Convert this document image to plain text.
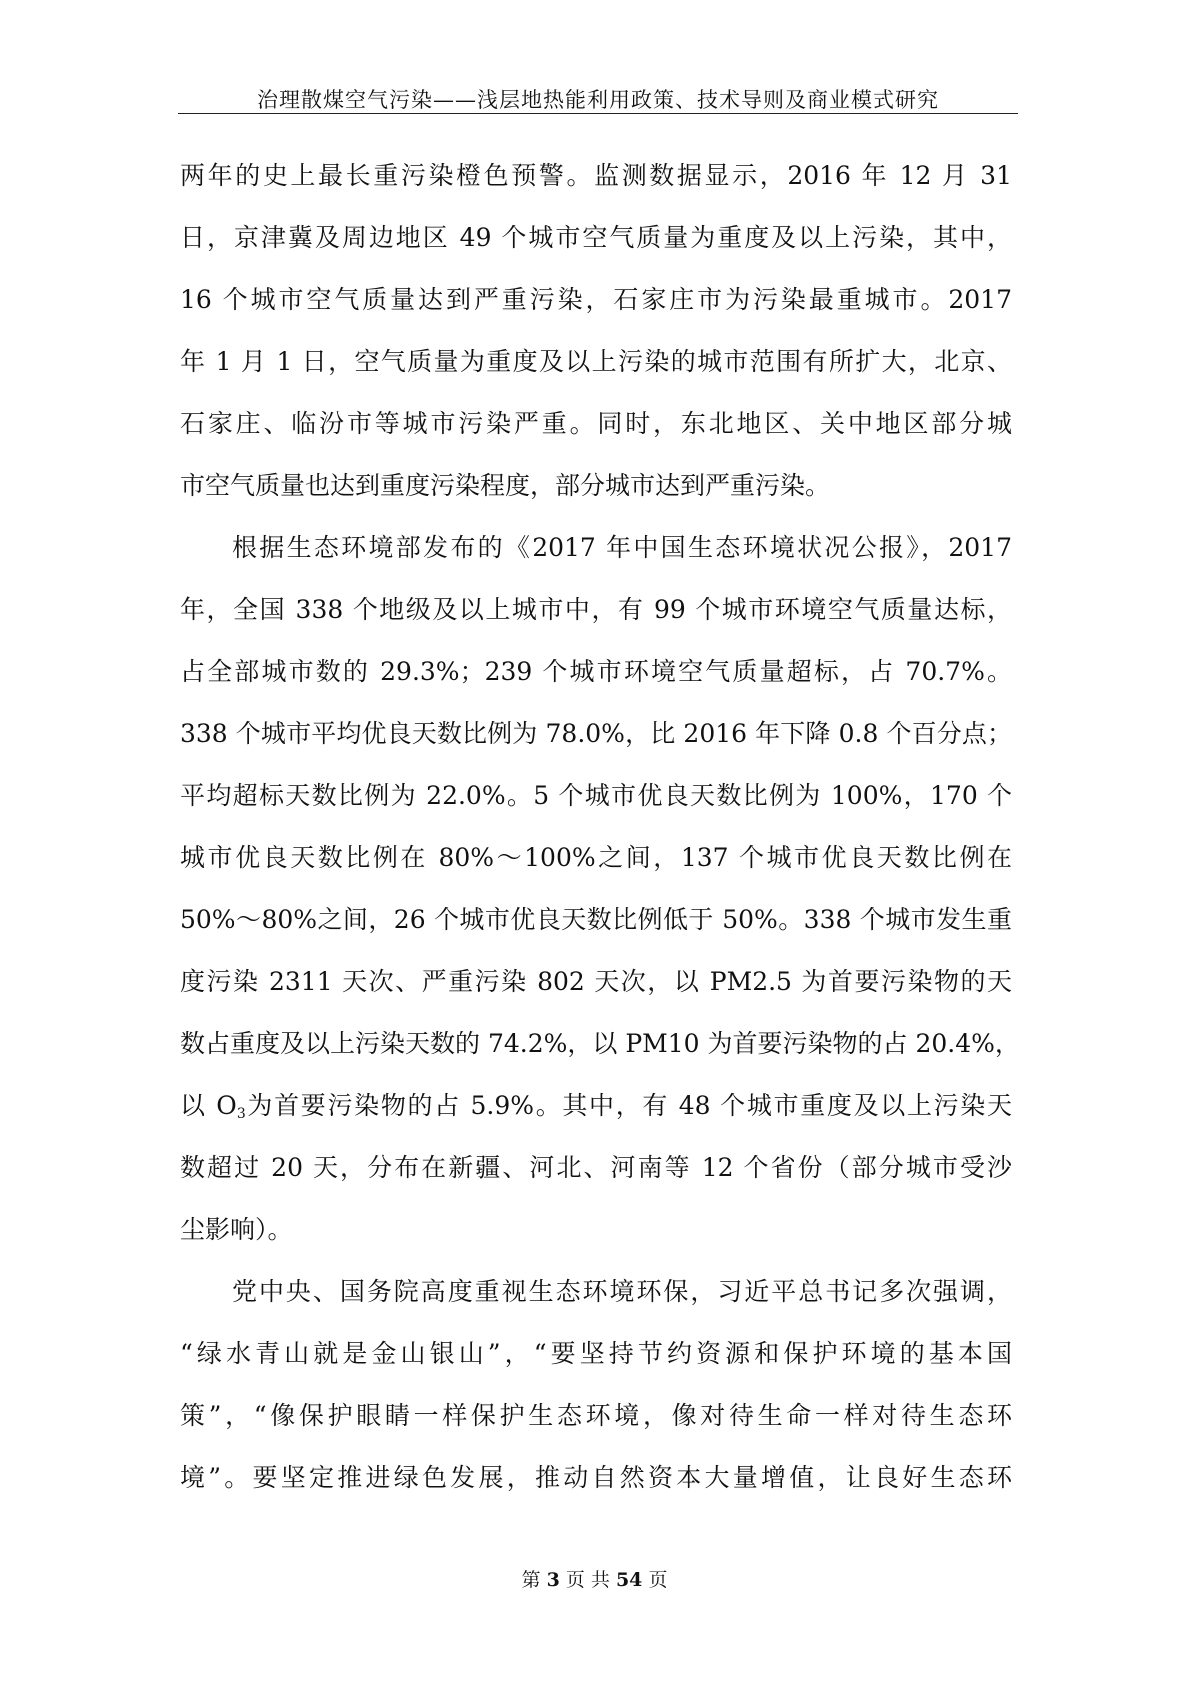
治理散煤空气污染——浅层地热能利用政策、技术导则及商业模式研究
两年的史上最长重污染橙色预警。监测数据显示，2016 年 12 月 31
日，京津冀及周边地区 49 个城市空气质量为重度及以上污染，其中，
16 个城市空气质量达到严重污染，石家庄市为污染最重城市。2017
年 1 月 1 日，空气质量为重度及以上污染的城市范围有所扩大，北京、
石家庄、临汾市等城市污染严重。同时，东北地区、关中地区部分城
市空气质量也达到重度污染程度，部分城市达到严重污染。
根据生态环境部发布的《2017 年中国生态环境状况公报》，2017
年，全国 338 个地级及以上城市中，有 99 个城市环境空气质量达标，
占全部城市数的 29.3%；239 个城市环境空气质量超标，占 70.7%。
338 个城市平均优良天数比例为 78.0%，比 2016 年下降 0.8 个百分点；
平均超标天数比例为 22.0%。5 个城市优良天数比例为 100%，170 个
城市优良天数比例在 80%～100%之间，137 个城市优良天数比例在
50%～80%之间，26 个城市优良天数比例低于 50%。338 个城市发生重
度污染 2311 天次、严重污染 802 天次，以 PM2.5 为首要污染物的天
数占重度及以上污染天数的 74.2%，以 PM10 为首要污染物的占 20.4%，
以 $O_3$为首要污染物的占 5.9%。其中，有 48 个城市重度及以上污染天
数超过 20 天，分布在新疆、河北、河南等 12 个省份（部分城市受沙
尘影响）。
党中央、国务院高度重视生态环境环保，习近平总书记多次强调，
“绿水青山就是金山银山”，“要坚持节约资源和保护环境的基本国
策”，“像保护眼睛一样保护生态环境，像对待生命一样对待生态环
境”。要坚定推进绿色发展，推动自然资本大量增值，让良好生态环
第 3 页 共 54 页
